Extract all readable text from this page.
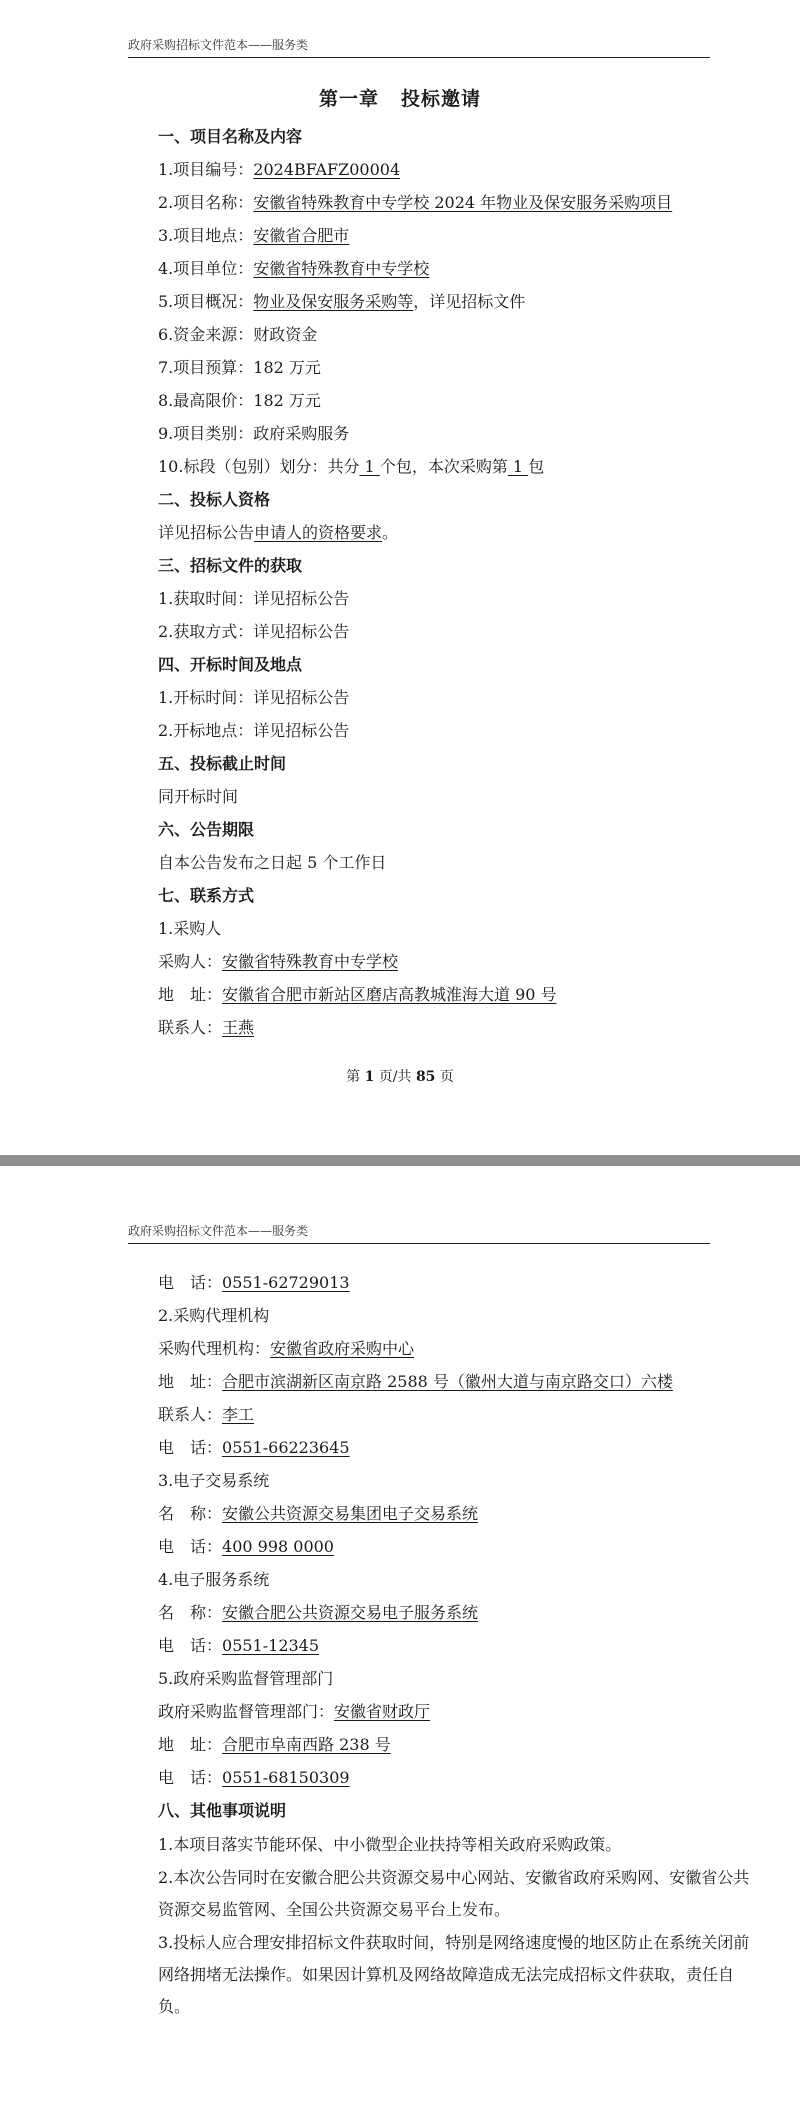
政府采购招标文件范本——服务类
第一章 投标邀请
一、项目名称及内容
1.项目编号：2024BFAFZ00004
2.项目名称：安徽省特殊教育中专学校 2024 年物业及保安服务采购项目
3.项目地点：安徽省合肥市
4.项目单位：安徽省特殊教育中专学校
5.项目概况：物业及保安服务采购等，详见招标文件
6.资金来源：财政资金
7.项目预算：182 万元
8.最高限价：182 万元
9.项目类别：政府采购服务
10.标段（包别）划分：共分 1 个包，本次采购第 1 包
二、投标人资格
详见招标公告申请人的资格要求。
三、招标文件的获取
1.获取时间：详见招标公告
2.获取方式：详见招标公告
四、开标时间及地点
1.开标时间：详见招标公告
2.开标地点：详见招标公告
五、投标截止时间
同开标时间
六、公告期限
自本公告发布之日起 5 个工作日
七、联系方式
1.采购人
采购人：安徽省特殊教育中专学校
地　址：安徽省合肥市新站区磨店高教城淮海大道 90 号
联系人：王燕
第 1 页/共 85 页
政府采购招标文件范本——服务类
电　话：0551-62729013
2.采购代理机构
采购代理机构：安徽省政府采购中心
地　址：合肥市滨湖新区南京路 2588 号（徽州大道与南京路交口）六楼
联系人：李工
电　话：0551-66223645
3.电子交易系统
名　称：安徽公共资源交易集团电子交易系统
电　话：400 998 0000
4.电子服务系统
名　称：安徽合肥公共资源交易电子服务系统
电　话：0551-12345
5.政府采购监督管理部门
政府采购监督管理部门：安徽省财政厅
地　址：合肥市阜南西路 238 号
电　话：0551-68150309
八、其他事项说明
1.本项目落实节能环保、中小微型企业扶持等相关政府采购政策。
2.本次公告同时在安徽合肥公共资源交易中心网站、安徽省政府采购网、安徽省公共资源交易监管网、全国公共资源交易平台上发布。
3.投标人应合理安排招标文件获取时间，特别是网络速度慢的地区防止在系统关闭前网络拥堵无法操作。如果因计算机及网络故障造成无法完成招标文件获取，责任自负。
